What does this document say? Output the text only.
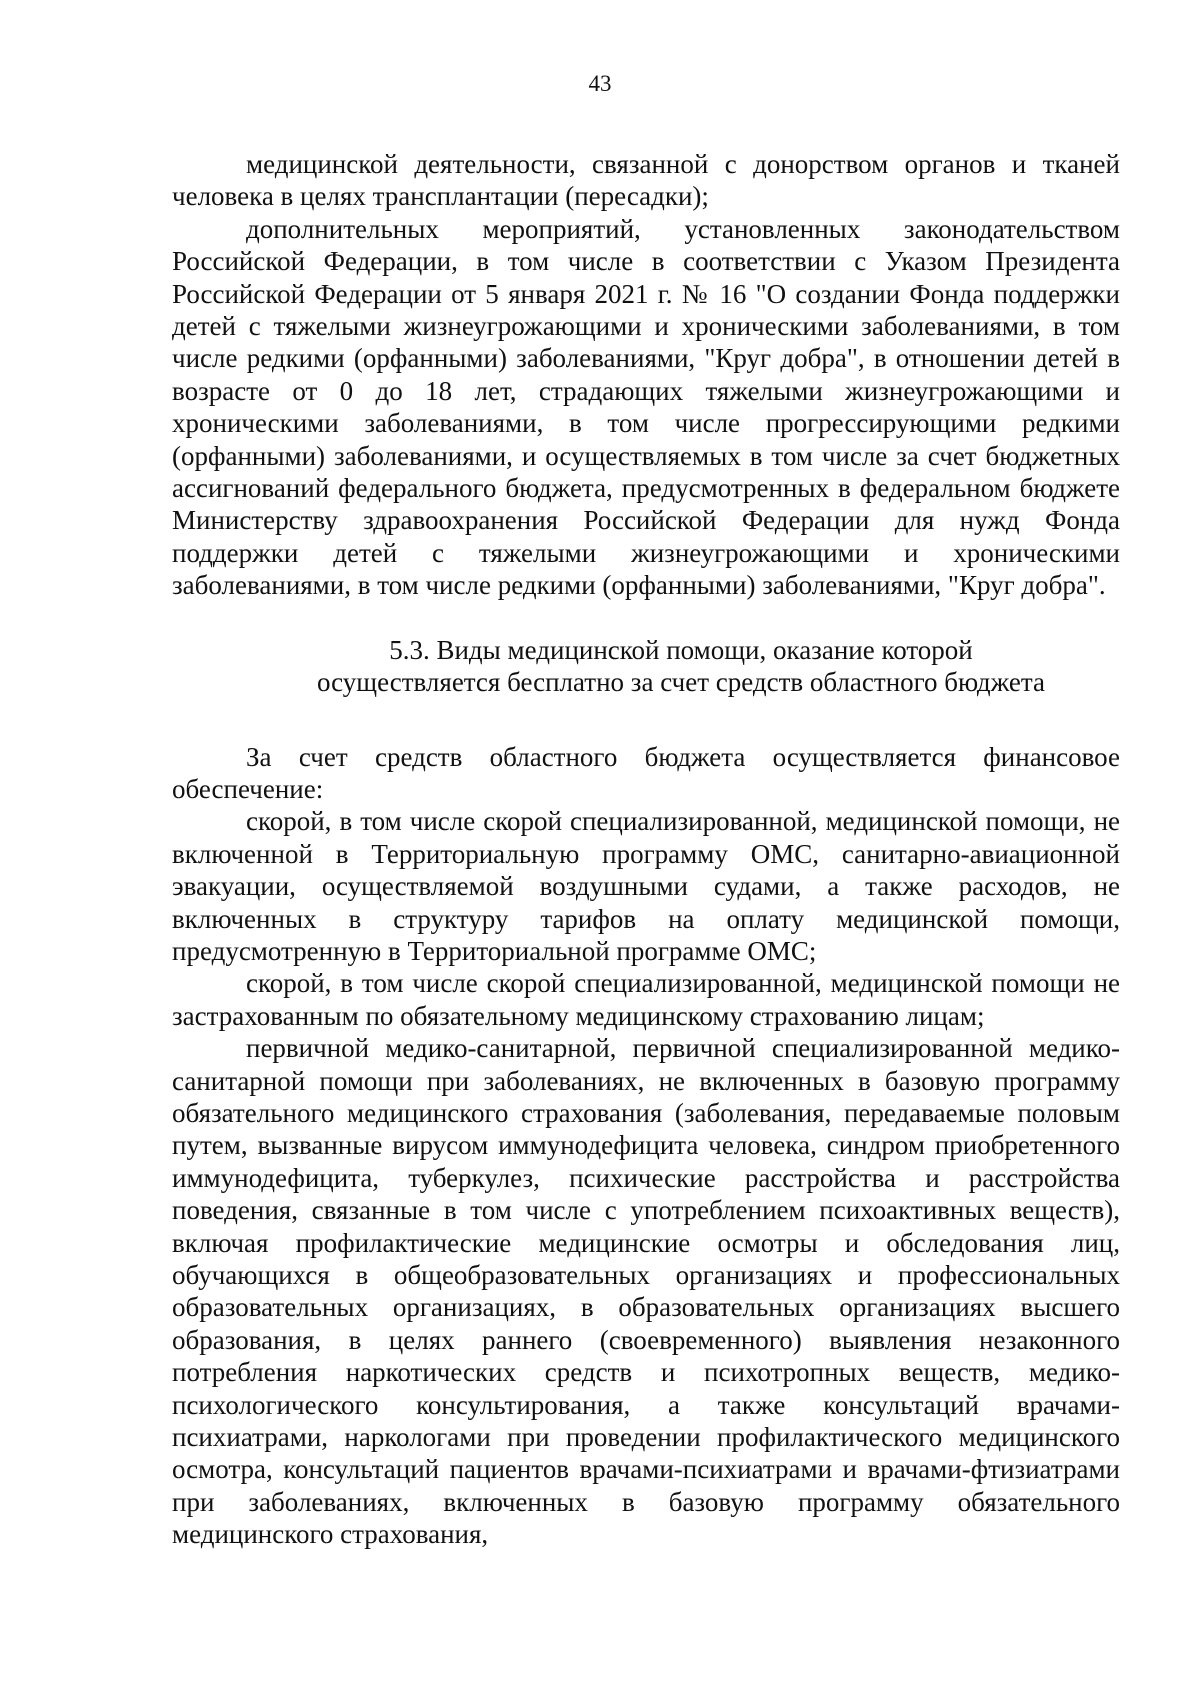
43

медицинской деятельности, связанной с донорством органов и тканей человека в целях трансплантации (пересадки);

дополнительных мероприятий, установленных законодательством Российской Федерации, в том числе в соответствии с Указом Президента Российской Федерации от 5 января 2021 г. № 16 "О создании Фонда поддержки детей с тяжелыми жизнеугрожающими и хроническими заболеваниями, в том числе редкими (орфанными) заболеваниями, "Круг добра", в отношении детей в возрасте от 0 до 18 лет, страдающих тяжелыми жизнеугрожающими и хроническими заболеваниями, в том числе прогрессирующими редкими (орфанными) заболеваниями, и осуществляемых в том числе за счет бюджетных ассигнований федерального бюджета, предусмотренных в федеральном бюджете Министерству здравоохранения Российской Федерации для нужд Фонда поддержки детей с тяжелыми жизнеугрожающими и хроническими заболеваниями, в том числе редкими (орфанными) заболеваниями, "Круг добра".

5.3. Виды медицинской помощи, оказание которой
осуществляется бесплатно за счет средств областного бюджета

За счет средств областного бюджета осуществляется финансовое обеспечение:

скорой, в том числе скорой специализированной, медицинской помощи, не включенной в Территориальную программу ОМС, санитарно-авиационной эвакуации, осуществляемой воздушными судами, а также расходов, не включенных в структуру тарифов на оплату медицинской помощи, предусмотренную в Территориальной программе ОМС;

скорой, в том числе скорой специализированной, медицинской помощи не застрахованным по обязательному медицинскому страхованию лицам;

первичной медико-санитарной, первичной специализированной медико-санитарной помощи при заболеваниях, не включенных в базовую программу обязательного медицинского страхования (заболевания, передаваемые половым путем, вызванные вирусом иммунодефицита человека, синдром приобретенного иммунодефицита, туберкулез, психические расстройства и расстройства поведения, связанные в том числе с употреблением психоактивных веществ), включая профилактические медицинские осмотры и обследования лиц, обучающихся в общеобразовательных организациях и профессиональных образовательных организациях, в образовательных организациях высшего образования, в целях раннего (своевременного) выявления незаконного потребления наркотических средств и психотропных веществ, медико-психологического консультирования, а также консультаций врачами-психиатрами, наркологами при проведении профилактического медицинского осмотра, консультаций пациентов врачами-психиатрами и врачами-фтизиатрами при заболеваниях, включенных в базовую программу обязательного медицинского страхования,
